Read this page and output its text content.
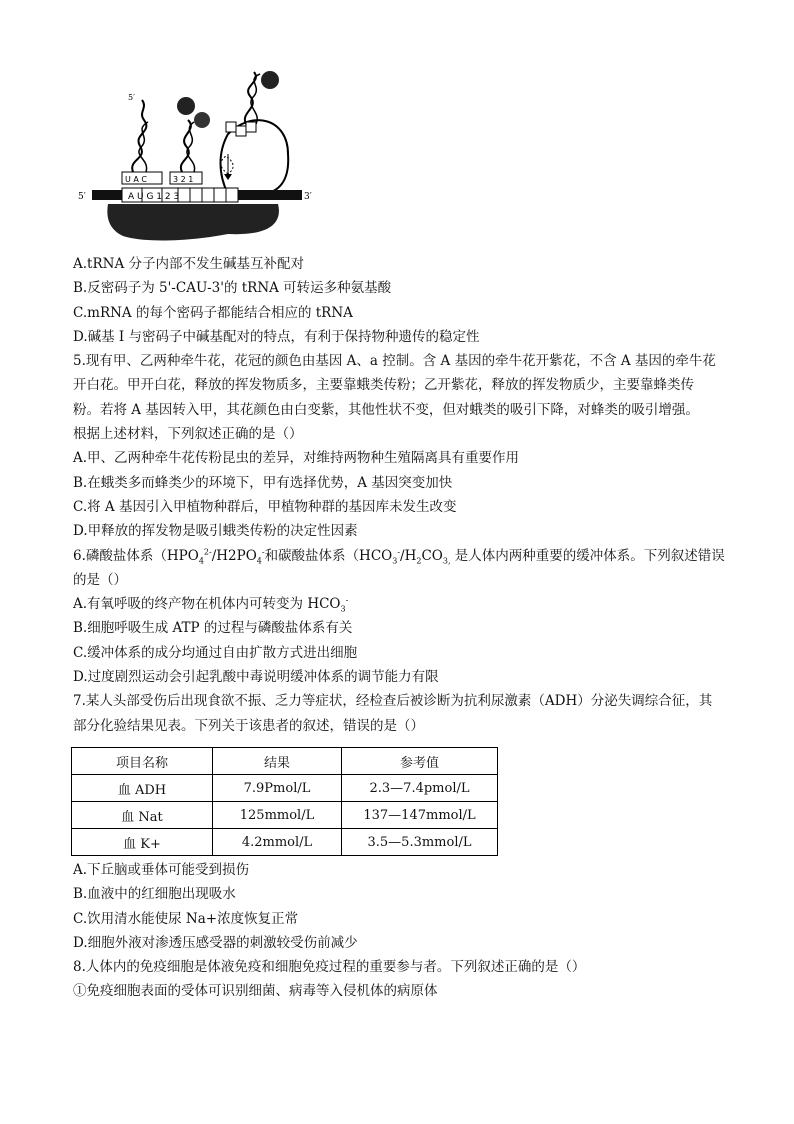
A U G 1 2 3
5′	3′
U A C	3 2 1
5′
A.tRNA 分子内部不发生碱基互补配对
B.反密码子为 5'-CAU-3'的 tRNA 可转运多种氨基酸
C.mRNA 的每个密码子都能结合相应的 tRNA
D.碱基 I 与密码子中碱基配对的特点，有利于保持物种遗传的稳定性
5.现有甲、乙两种牵牛花，花冠的颜色由基因 A、a 控制。含 A 基因的牵牛花开紫花，不含 A 基因的牵牛花
开白花。甲开白花，释放的挥发物质多，主要靠蛾类传粉；乙开紫花，释放的挥发物质少，主要靠蜂类传
粉。若将 A 基因转入甲，其花颜色由白变紫，其他性状不变，但对蛾类的吸引下降，对蜂类的吸引增强。
根据上述材料，下列叙述正确的是（）
A.甲、乙两种牵牛花传粉昆虫的差异，对维持两物种生殖隔离具有重要作用
B.在蛾类多而蜂类少的环境下，甲有选择优势，A 基因突变加快
C.将 A 基因引入甲植物种群后，甲植物种群的基因库未发生改变
D.甲释放的挥发物是吸引蛾类传粉的决定性因素
6.磷酸盐体系（$HPO_4^{2-}/H2PO_4^-$和碳酸盐体系（$HCO_3^-/H_2CO_{3,}$ 是人体内两种重要的缓冲体系。下列叙述错误
的是（）
A.有氧呼吸的终产物在机体内可转变为 $HCO_3^-$
B.细胞呼吸生成 ATP 的过程与磷酸盐体系有关
C.缓冲体系的成分均通过自由扩散方式进出细胞
D.过度剧烈运动会引起乳酸中毒说明缓冲体系的调节能力有限
7.某人头部受伤后出现食欲不振、乏力等症状，经检查后被诊断为抗利尿激素（ADH）分泌失调综合征，其
部分化验结果见表。下列关于该患者的叙述，错误的是（）
项目名称	结果	参考值
血 ADH	7.9Pmol/L	2.3—7.4pmol/L
血 Nat	125mmol/L	137—147mmol/L
血 K+	4.2mmol/L	3.5—5.3mmol/L
A.下丘脑或垂体可能受到损伤
B.血液中的红细胞出现吸水
C.饮用清水能使尿 Na+浓度恢复正常
D.细胞外液对渗透压感受器的刺激较受伤前减少
8.人体内的免疫细胞是体液免疫和细胞免疫过程的重要参与者。下列叙述正确的是（）
①免疫细胞表面的受体可识别细菌、病毒等入侵机体的病原体
